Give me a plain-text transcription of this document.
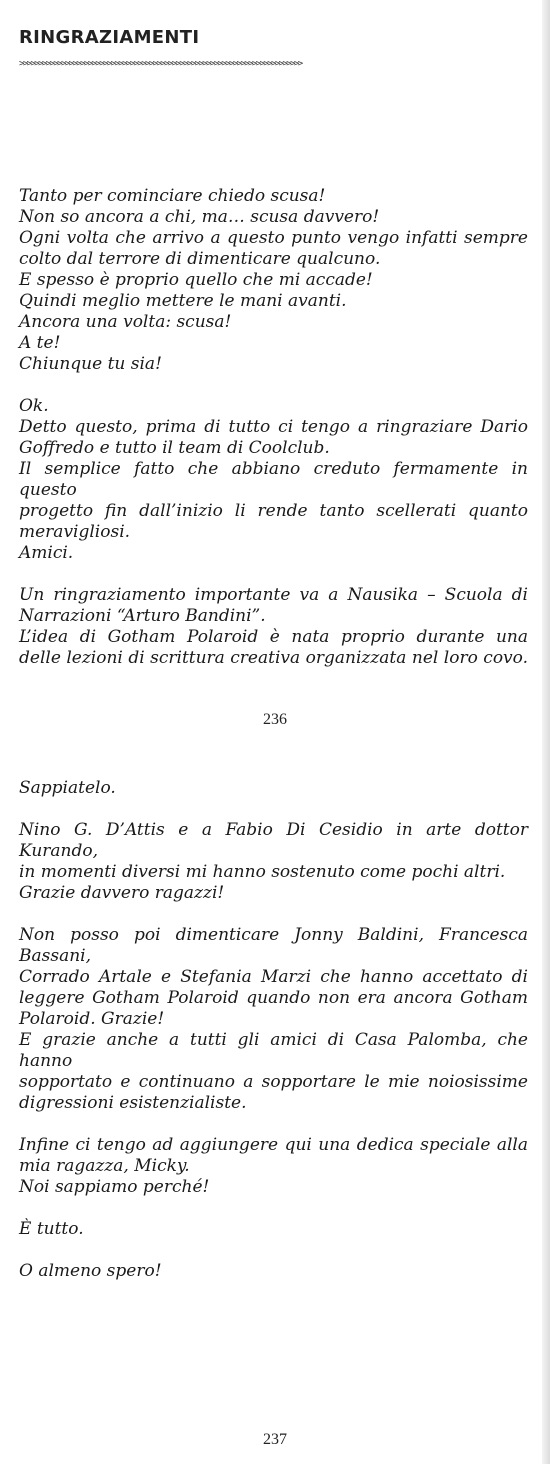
RINGRAZIAMENTI
>>>>>>>>>>>>>>>>>>>>>>>>>>>>>>>>>>>>>>>>>>>>>>>>>>>>>>>>>>>>>>>>>>>>>>>>>>

Tanto per cominciare chiedo scusa!
Non so ancora a chi, ma… scusa davvero!
Ogni volta che arrivo a questo punto vengo infatti sempre
colto dal terrore di dimenticare qualcuno.
E spesso è proprio quello che mi accade!
Quindi meglio mettere le mani avanti.
Ancora una volta: scusa!
A te!
Chiunque tu sia!

Ok.
Detto questo, prima di tutto ci tengo a ringraziare Dario
Goffredo e tutto il team di Coolclub.
Il semplice fatto che abbiano creduto fermamente in questo
progetto fin dall’inizio li rende tanto scellerati quanto
meravigliosi.
Amici.

Un ringraziamento importante va a Nausika – Scuola di
Narrazioni “Arturo Bandini”.
L’idea di Gotham Polaroid è nata proprio durante una
delle lezioni di scrittura creativa organizzata nel loro covo.

236

Sappiatelo.

Nino G. D’Attis e a Fabio Di Cesidio in arte dottor Kurando,
in momenti diversi mi hanno sostenuto come pochi altri.
Grazie davvero ragazzi!

Non posso poi dimenticare Jonny Baldini, Francesca Bassani,
Corrado Artale e Stefania Marzi che hanno accettato di
leggere Gotham Polaroid quando non era ancora Gotham
Polaroid. Grazie!
E grazie anche a tutti gli amici di Casa Palomba, che hanno
sopportato e continuano a sopportare le mie noiosissime
digressioni esistenzialiste.

Infine ci tengo ad aggiungere qui una dedica speciale alla
mia ragazza, Micky.
Noi sappiamo perché!

È tutto.

O almeno spero!

237
